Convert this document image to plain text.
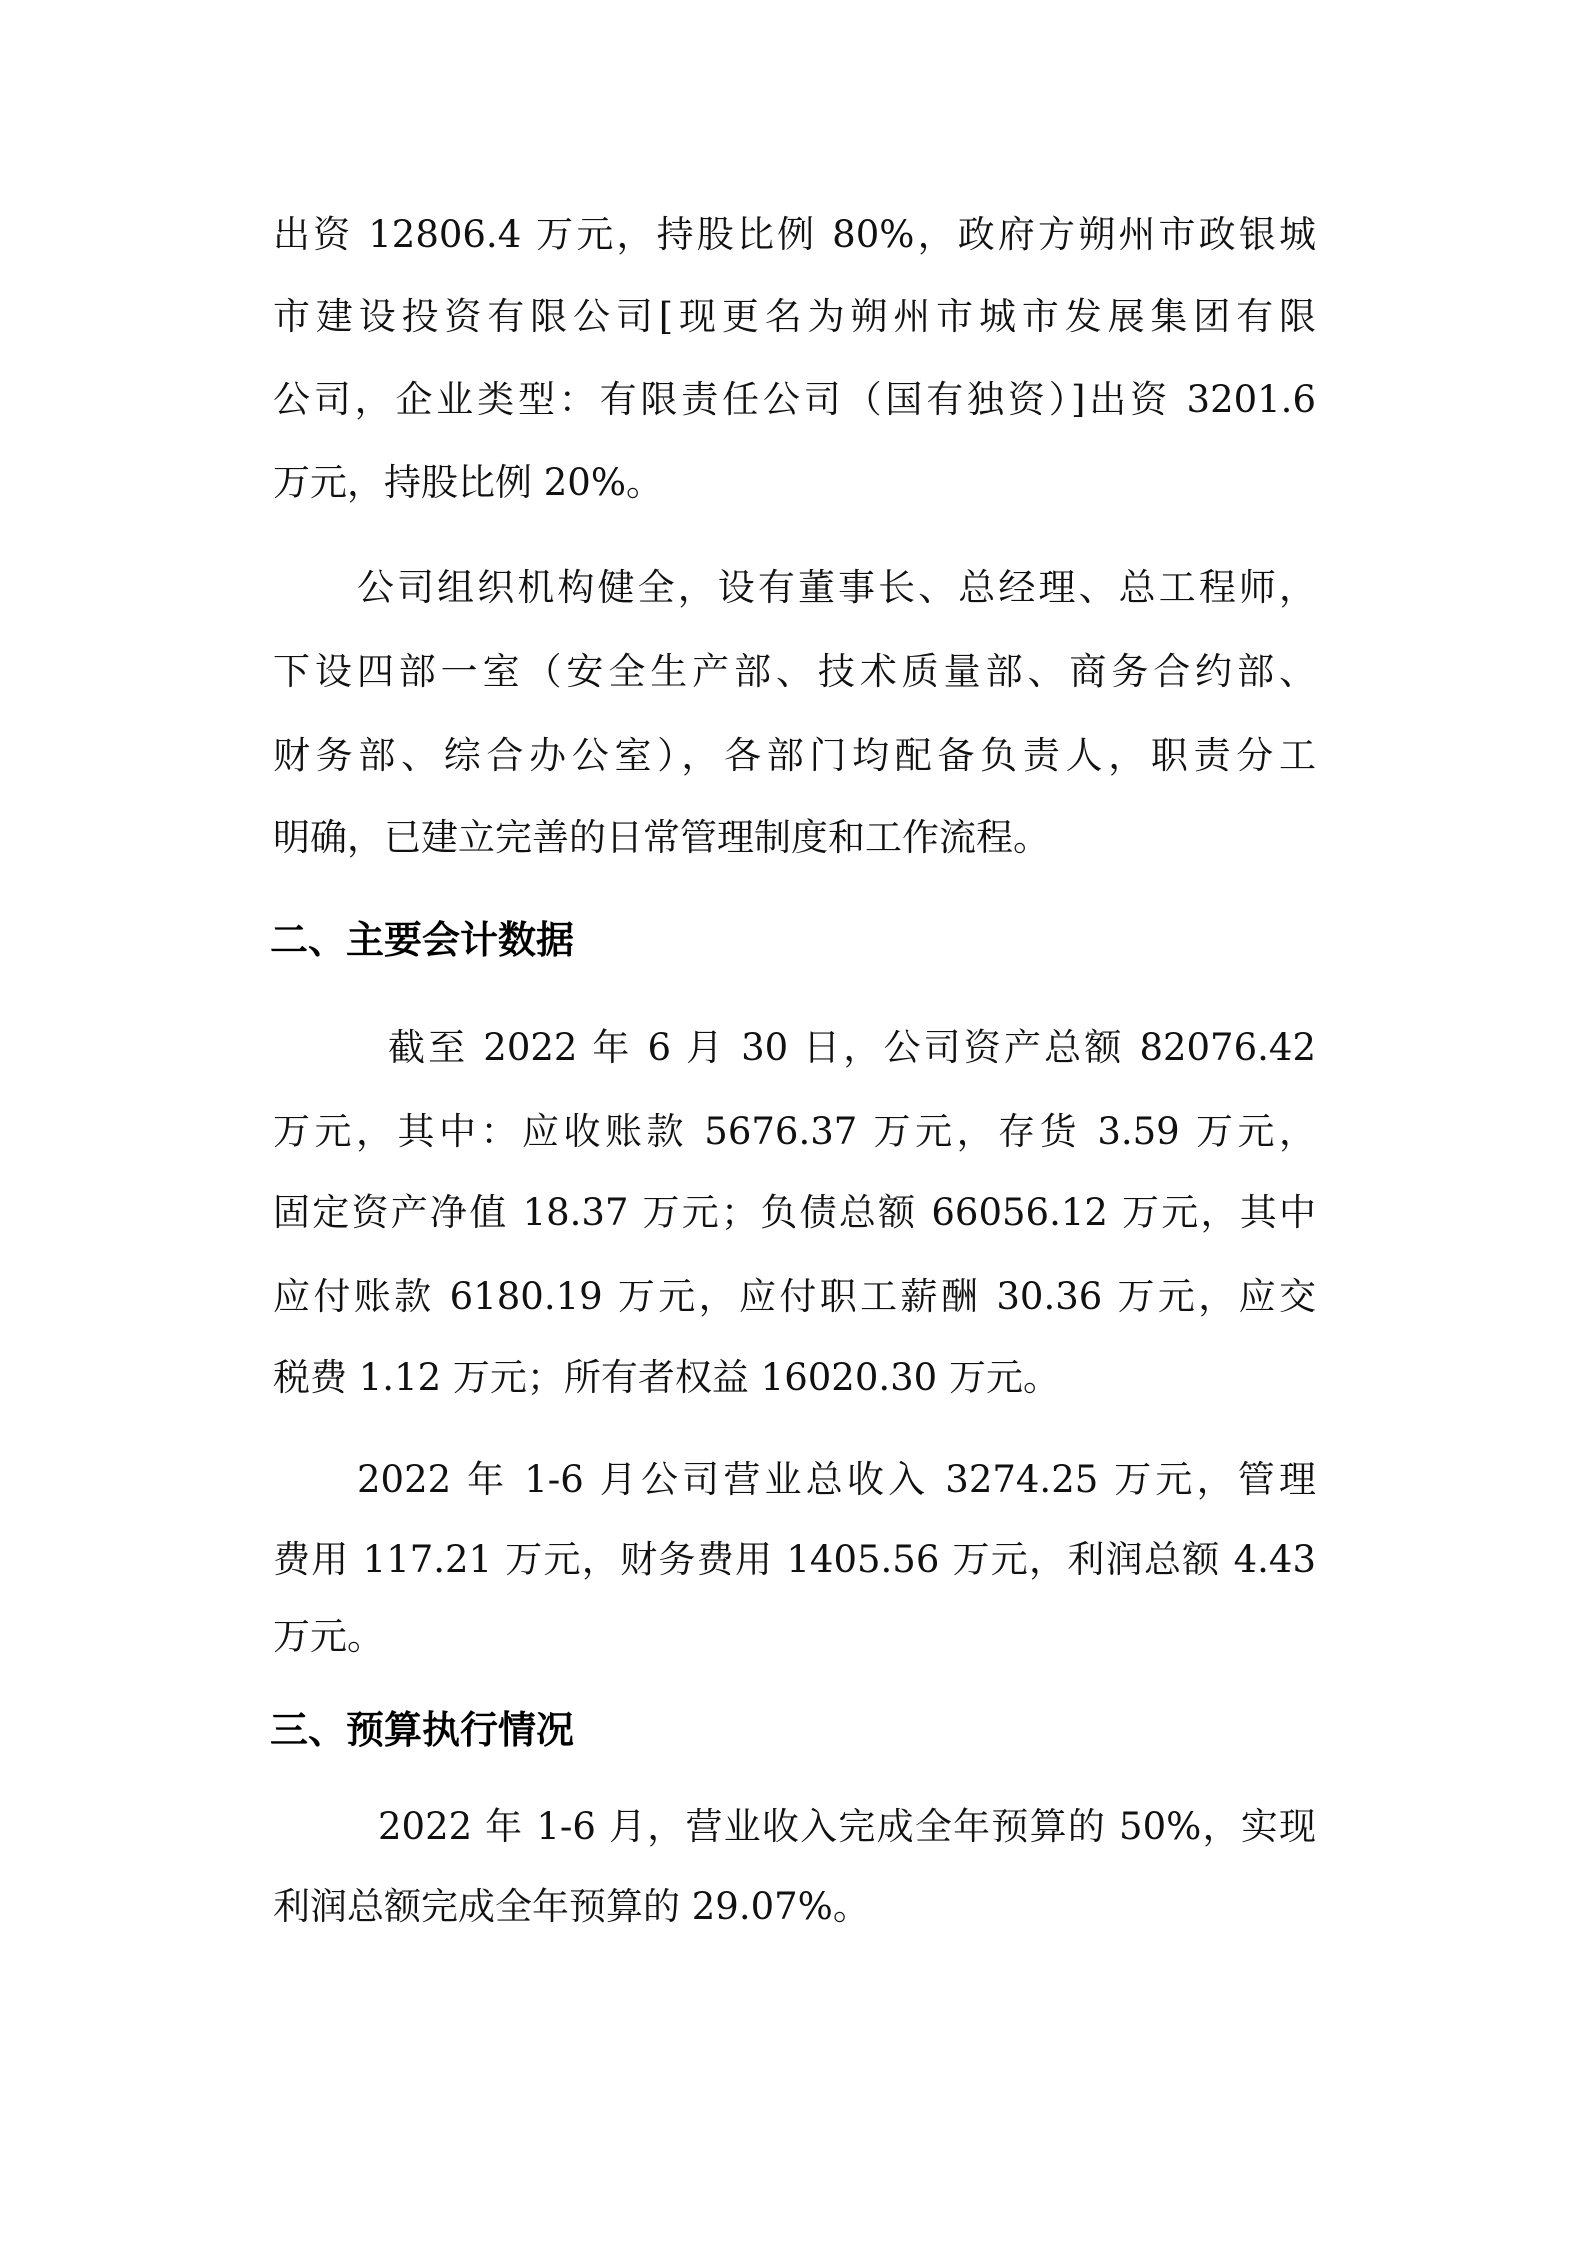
出资 12806.4 万元，持股比例 80%，政府方朔州市政银城
市建设投资有限公司[现更名为朔州市城市发展集团有限
公司，企业类型：有限责任公司（国有独资）]出资 3201.6
万元，持股比例 20%。
公司组织机构健全，设有董事长、总经理、总工程师，
下设四部一室（安全生产部、技术质量部、商务合约部、
财务部、综合办公室），各部门均配备负责人，职责分工
明确，已建立完善的日常管理制度和工作流程。
二、主要会计数据
截至 2022 年 6 月 30 日，公司资产总额 82076.42
万元，其中：应收账款 5676.37 万元，存货 3.59 万元，
固定资产净值 18.37 万元；负债总额 66056.12 万元，其中
应付账款 6180.19 万元，应付职工薪酬 30.36 万元，应交
税费 1.12 万元；所有者权益 16020.30 万元。
2022 年 1-6 月公司营业总收入 3274.25 万元，管理
费用 117.21 万元，财务费用 1405.56 万元，利润总额 4.43
万元。
三、预算执行情况
2022 年 1-6 月，营业收入完成全年预算的 50%，实现
利润总额完成全年预算的 29.07%。
